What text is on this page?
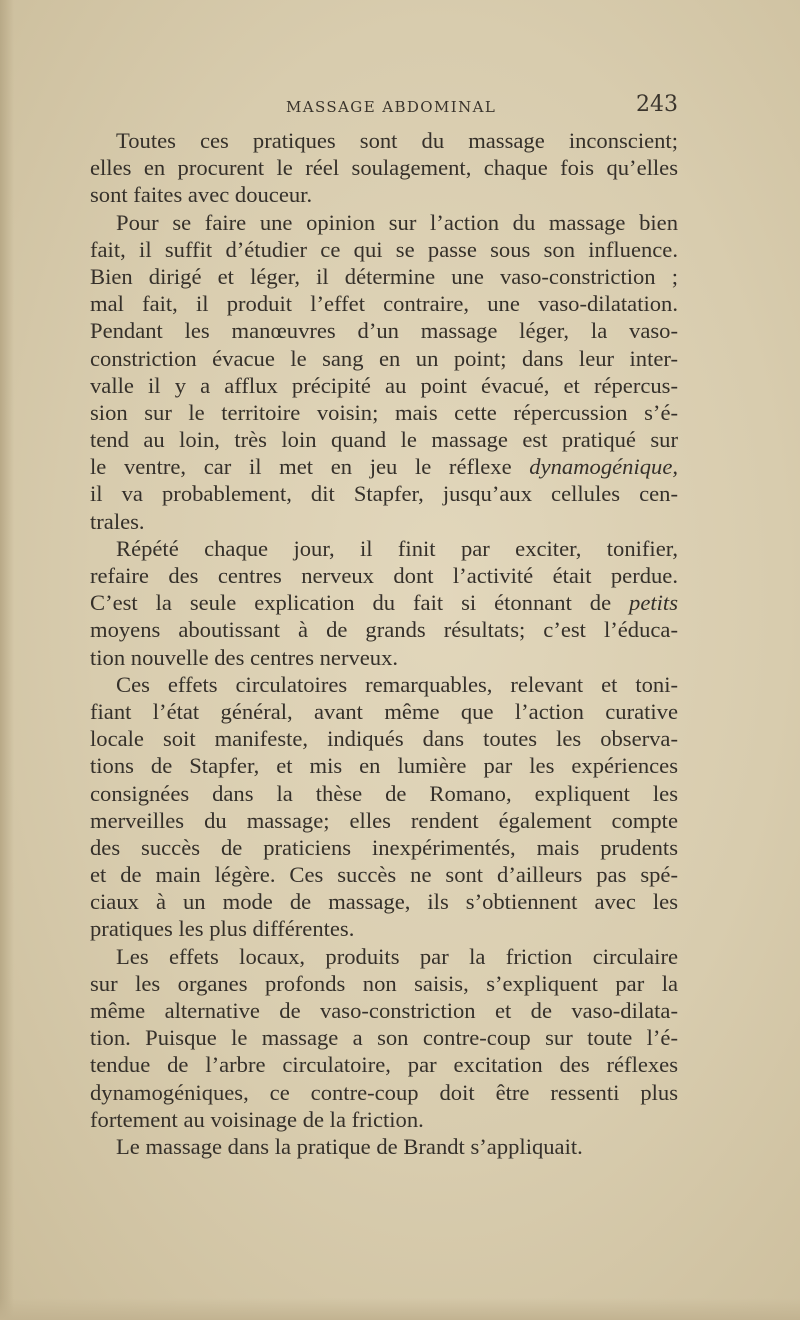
MASSAGE ABDOMINAL	243
Toutes ces pratiques sont du massage inconscient;
elles en procurent le réel soulagement, chaque fois qu’elles
sont faites avec douceur.
Pour se faire une opinion sur l’action du massage bien
fait, il suffit d’étudier ce qui se passe sous son influence.
Bien dirigé et léger, il détermine une vaso-constriction ;
mal fait, il produit l’effet contraire, une vaso-dilatation.
Pendant les manœuvres d’un massage léger, la vaso-
constriction évacue le sang en un point; dans leur inter-
valle il y a afflux précipité au point évacué, et répercus-
sion sur le territoire voisin; mais cette répercussion s’é-
tend au loin, très loin quand le massage est pratiqué sur
le ventre, car il met en jeu le réflexe dynamogénique,
il va probablement, dit Stapfer, jusqu’aux cellules cen-
trales.
Répété chaque jour, il finit par exciter, tonifier,
refaire des centres nerveux dont l’activité était perdue.
C’est la seule explication du fait si étonnant de petits
moyens aboutissant à de grands résultats; c’est l’éduca-
tion nouvelle des centres nerveux.
Ces effets circulatoires remarquables, relevant et toni-
fiant l’état général, avant même que l’action curative
locale soit manifeste, indiqués dans toutes les observa-
tions de Stapfer, et mis en lumière par les expériences
consignées dans la thèse de Romano, expliquent les
merveilles du massage; elles rendent également compte
des succès de praticiens inexpérimentés, mais prudents
et de main légère. Ces succès ne sont d’ailleurs pas spé-
ciaux à un mode de massage, ils s’obtiennent avec les
pratiques les plus différentes.
Les effets locaux, produits par la friction circulaire
sur les organes profonds non saisis, s’expliquent par la
même alternative de vaso-constriction et de vaso-dilata-
tion. Puisque le massage a son contre-coup sur toute l’é-
tendue de l’arbre circulatoire, par excitation des réflexes
dynamogéniques, ce contre-coup doit être ressenti plus
fortement au voisinage de la friction.
Le massage dans la pratique de Brandt s’appliquait.
